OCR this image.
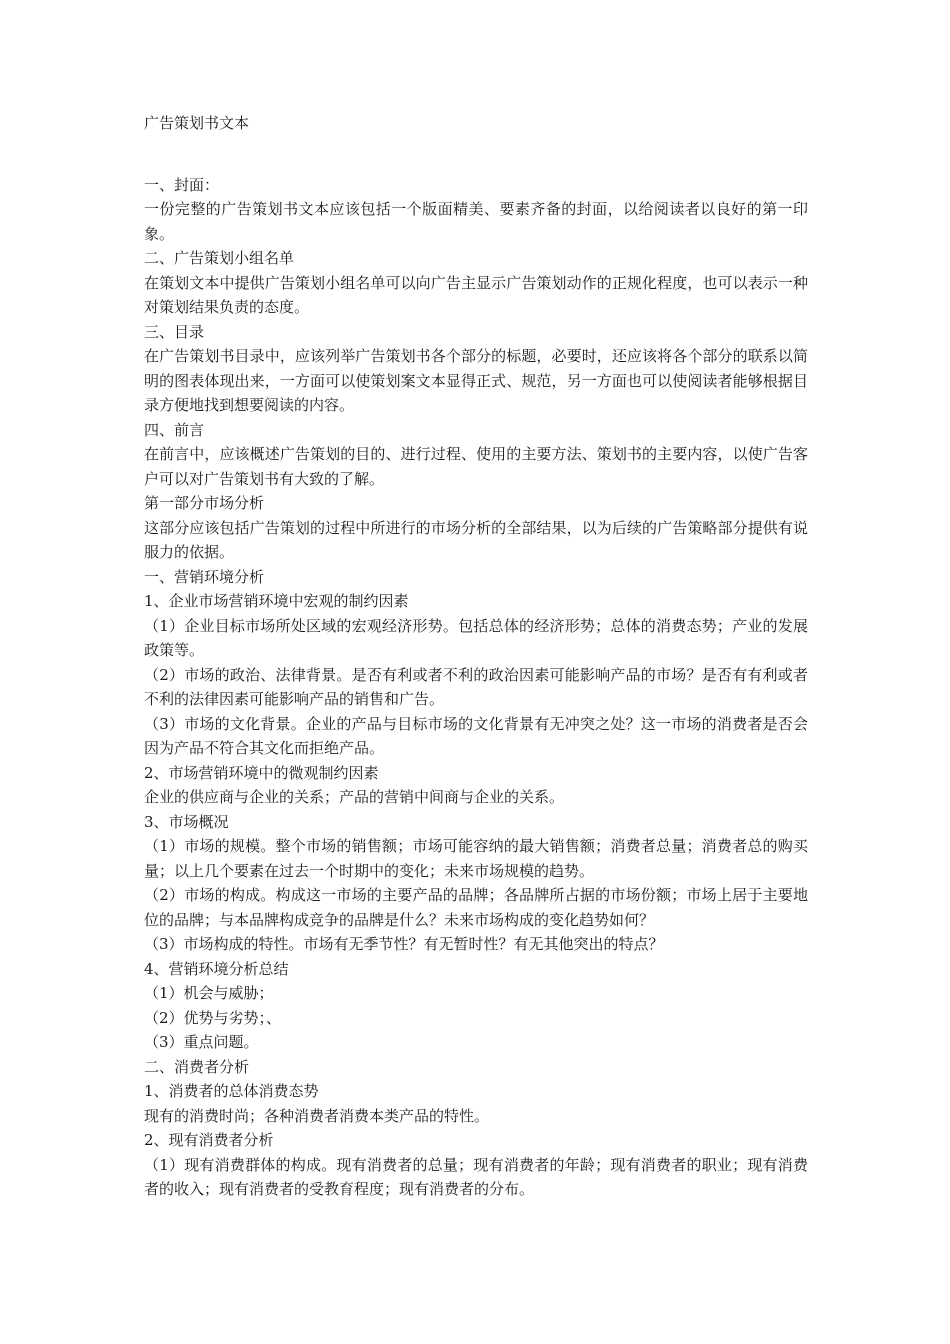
广告策划书文本

一、封面：

一份完整的广告策划书文本应该包括一个版面精美、要素齐备的封面，以给阅读者以良好的第一印象。

二、广告策划小组名单

在策划文本中提供广告策划小组名单可以向广告主显示广告策划动作的正规化程度，也可以表示一种对策划结果负责的态度。

三、目录

在广告策划书目录中，应该列举广告策划书各个部分的标题，必要时，还应该将各个部分的联系以简明的图表体现出来，一方面可以使策划案文本显得正式、规范，另一方面也可以使阅读者能够根据目录方便地找到想要阅读的内容。

四、前言

在前言中，应该概述广告策划的目的、进行过程、使用的主要方法、策划书的主要内容，以使广告客户可以对广告策划书有大致的了解。

第一部分市场分析

这部分应该包括广告策划的过程中所进行的市场分析的全部结果，以为后续的广告策略部分提供有说服力的依据。

一、营销环境分析

1、企业市场营销环境中宏观的制约因素

（1）企业目标市场所处区域的宏观经济形势。包括总体的经济形势；总体的消费态势；产业的发展政策等。

（2）市场的政治、法律背景。是否有利或者不利的政治因素可能影响产品的市场？是否有有利或者不利的法律因素可能影响产品的销售和广告。

（3）市场的文化背景。企业的产品与目标市场的文化背景有无冲突之处？这一市场的消费者是否会因为产品不符合其文化而拒绝产品。

2、市场营销环境中的微观制约因素

企业的供应商与企业的关系；产品的营销中间商与企业的关系。

3、市场概况

（1）市场的规模。整个市场的销售额；市场可能容纳的最大销售额；消费者总量；消费者总的购买量；以上几个要素在过去一个时期中的变化；未来市场规模的趋势。

（2）市场的构成。构成这一市场的主要产品的品牌；各品牌所占据的市场份额；市场上居于主要地位的品牌；与本品牌构成竞争的品牌是什么？未来市场构成的变化趋势如何？

（3）市场构成的特性。市场有无季节性？有无暂时性？有无其他突出的特点？

4、营销环境分析总结

（1）机会与威胁；

（2）优势与劣势；、

（3）重点问题。

二、消费者分析

1、消费者的总体消费态势

现有的消费时尚；各种消费者消费本类产品的特性。

2、现有消费者分析

（1）现有消费群体的构成。现有消费者的总量；现有消费者的年龄；现有消费者的职业；现有消费者的收入；现有消费者的受教育程度；现有消费者的分布。
